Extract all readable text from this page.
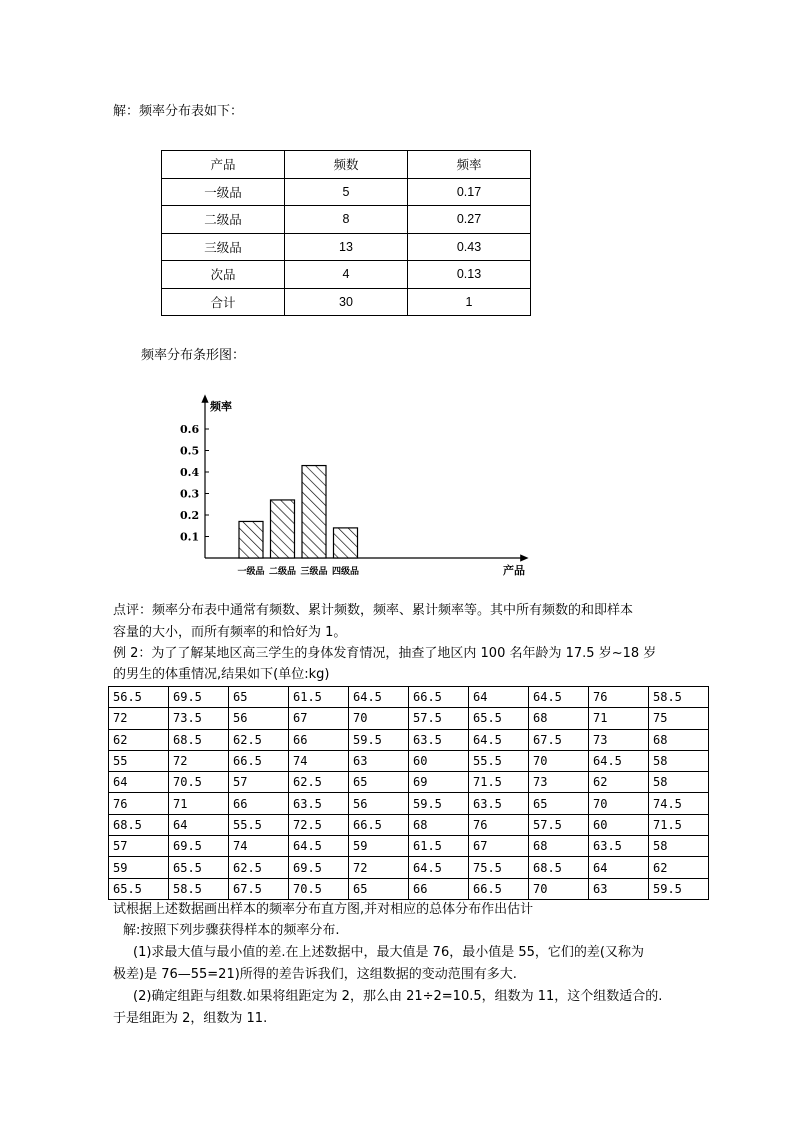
解：频率分布表如下：
产品	频数	频率
一级品	5	0.17
二级品	8	0.27
三级品	13	0.43
次品	4	0.13
合计	30	1
频率分布条形图：
频率
产品
0.1
0.2
0.3
0.4
0.5
0.6
一级品 二级品 三级品 四级品
点评：频率分布表中通常有频数、累计频数，频率、累计频率等。其中所有频数的和即样本
容量的大小，而所有频率的和恰好为 1。
例 2：为了了解某地区高三学生的身体发育情况，抽查了地区内 100 名年龄为 17.5 岁~18 岁
的男生的体重情况,结果如下(单位:kg)
56.5	69.5	65	61.5	64.5	66.5	64	64.5	76	58.5
72	73.5	56	67	70	57.5	65.5	68	71	75
62	68.5	62.5	66	59.5	63.5	64.5	67.5	73	68
55	72	66.5	74	63	60	55.5	70	64.5	58
64	70.5	57	62.5	65	69	71.5	73	62	58
76	71	66	63.5	56	59.5	63.5	65	70	74.5
68.5	64	55.5	72.5	66.5	68	76	57.5	60	71.5
57	69.5	74	64.5	59	61.5	67	68	63.5	58
59	65.5	62.5	69.5	72	64.5	75.5	68.5	64	62
65.5	58.5	67.5	70.5	65	66	66.5	70	63	59.5
试根据上述数据画出样本的频率分布直方图,并对相应的总体分布作出估计
解:按照下列步骤获得样本的频率分布.
(1)求最大值与最小值的差.在上述数据中，最大值是 76，最小值是 55，它们的差(又称为
极差)是 76—55=21)所得的差告诉我们，这组数据的变动范围有多大.
(2)确定组距与组数.如果将组距定为 2，那么由 21÷2=10.5，组数为 11，这个组数适合的.
于是组距为 2，组数为 11.
